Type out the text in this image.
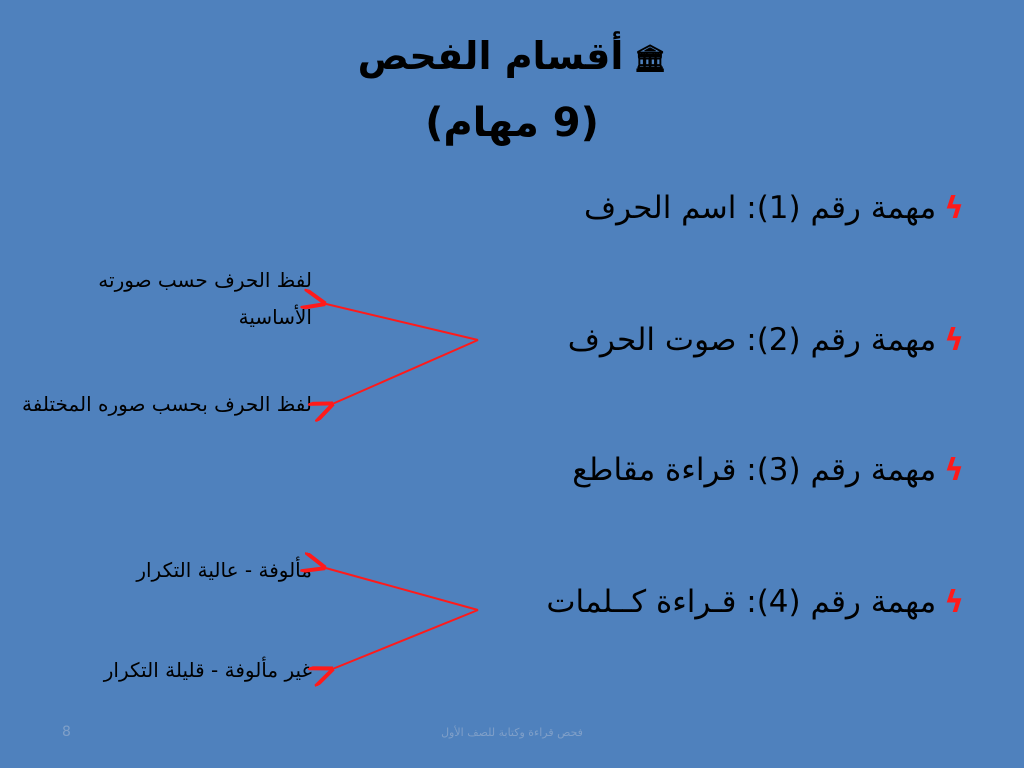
🏛أقسام الفحص
(9 مهام)
ϟمهمة رقم (1): اسم الحرف
ϟمهمة رقم (2): صوت الحرف
ϟمهمة رقم (3): قراءة مقاطع
ϟمهمة رقم (4): قـراءة كــلمات
لفظ الحرف حسب صورته الأساسية
لفظ الحرف بحسب صوره المختلفة
مألوفة - عالية التكرار
غير مألوفة - قليلة التكرار
8	فحص قراءة وكتابة للصف الأول
